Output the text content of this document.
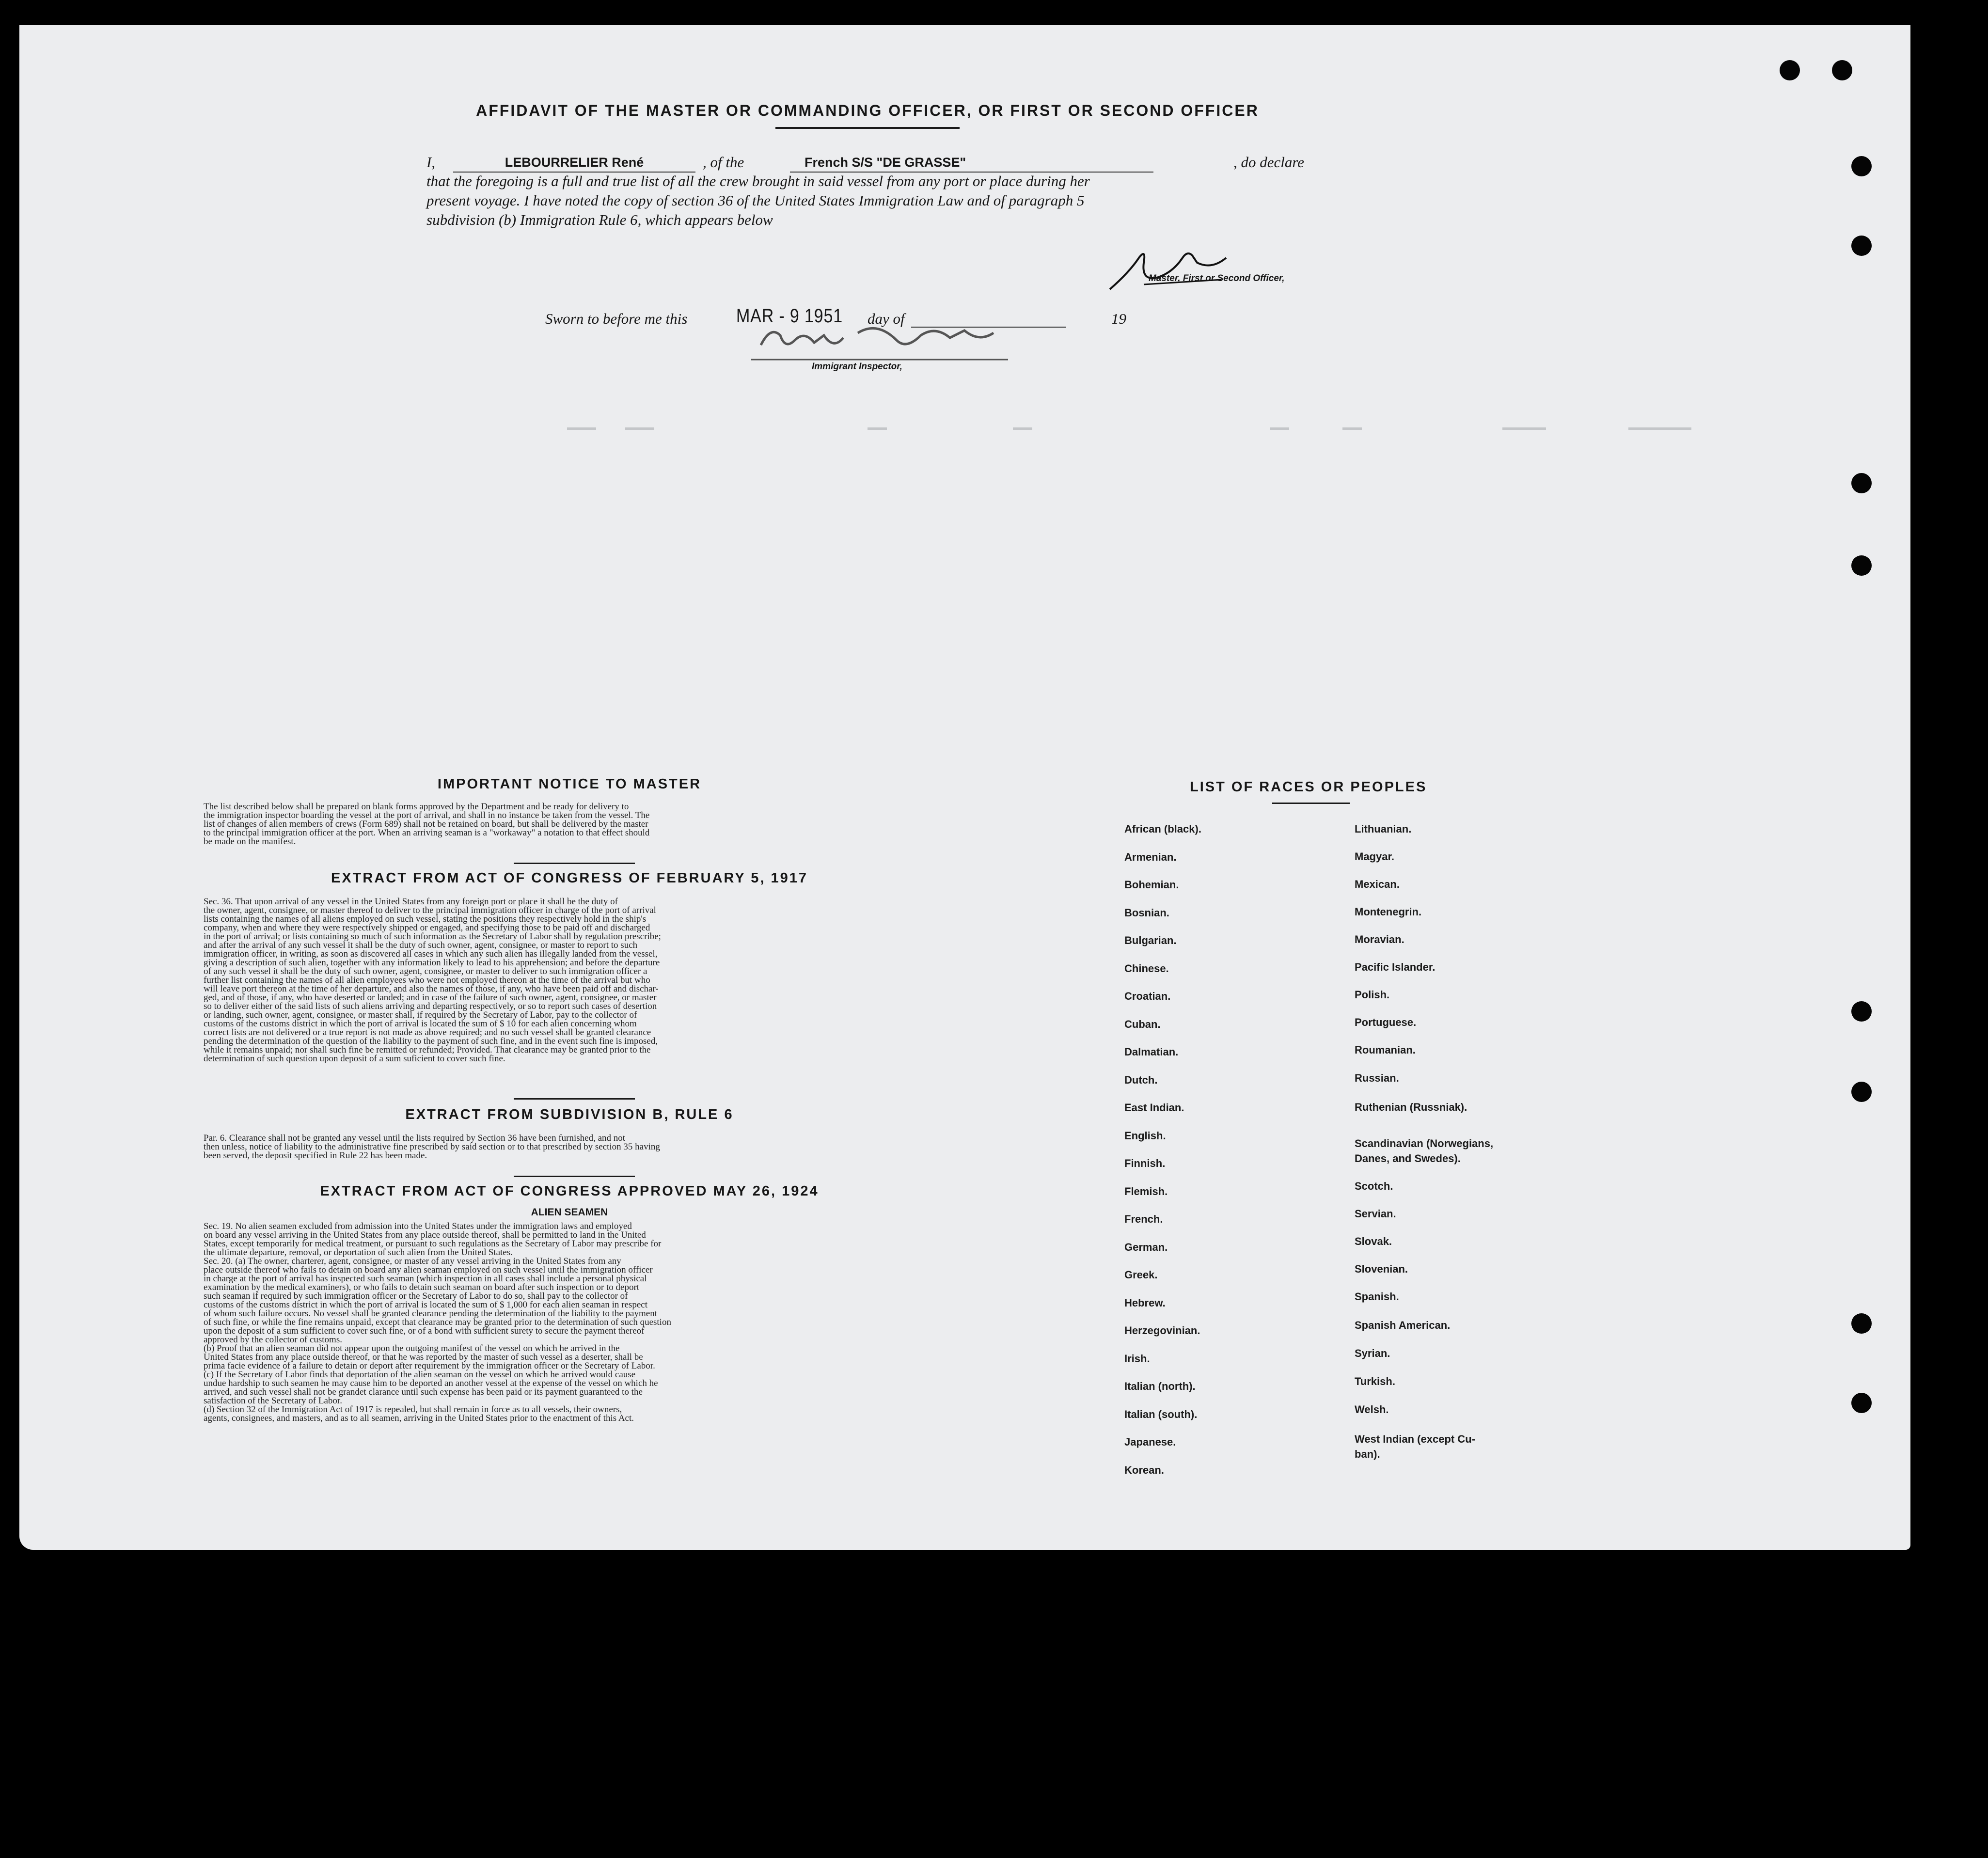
AFFIDAVIT OF THE MASTER OR COMMANDING OFFICER, OR FIRST OR SECOND OFFICER
I,	LEBOURRELIER René	, of the	French S/S "DE GRASSE"	, do declare
that the foregoing is a full and true list of all the crew brought in said vessel from any port or place during her
present voyage. I have noted the copy of section 36 of the United States Immigration Law and of paragraph 5
subdivision (b) Immigration Rule 6, which appears below
Master, First or Second Officer,
Sworn to before me this	MAR - 9 1951 day of	19
Immigrant Inspector,
IMPORTANT NOTICE TO MASTER
The list described below shall be prepared on blank forms approved by the Department and be ready for delivery to
the immigration inspector boarding the vessel at the port of arrival, and shall in no instance be taken from the vessel. The
list of changes of alien members of crews (Form 689) shall not be retained on board, but shall be delivered by the master
to the principal immigration officer at the port. When an arriving seaman is a "workaway" a notation to that effect should
be made on the manifest.
EXTRACT FROM ACT OF CONGRESS OF FEBRUARY 5, 1917
Sec. 36. That upon arrival of any vessel in the United States from any foreign port or place it shall be the duty of
the owner, agent, consignee, or master thereof to deliver to the principal immigration officer in charge of the port of arrival
lists containing the names of all aliens employed on such vessel, stating the positions they respectively hold in the ship's
company, when and where they were respectively shipped or engaged, and specifying those to be paid off and discharged
in the port of arrival; or lists containing so much of such information as the Secretary of Labor shall by regulation prescribe;
and after the arrival of any such vessel it shall be the duty of such owner, agent, consignee, or master to report to such
immigration officer, in writing, as soon as discovered all cases in which any such alien has illegally landed from the vessel,
giving a description of such alien, together with any information likely to lead to his apprehension; and before the departure
of any such vessel it shall be the duty of such owner, agent, consignee, or master to deliver to such immigration officer a
further list containing the names of all alien employees who were not employed thereon at the time of the arrival but who
will leave port thereon at the time of her departure, and also the names of those, if any, who have been paid off and dischar-
ged, and of those, if any, who have deserted or landed; and in case of the failure of such owner, agent, consignee, or master
so to deliver either of the said lists of such aliens arriving and departing respectively, or so to report such cases of desertion
or landing, such owner, agent, consignee, or master shall, if required by the Secretary of Labor, pay to the collector of
customs of the customs district in which the port of arrival is located the sum of $ 10 for each alien concerning whom
correct lists are not delivered or a true report is not made as above required; and no such vessel shall be granted clearance
pending the determination of the question of the liability to the payment of such fine, and in the event such fine is imposed,
while it remains unpaid; nor shall such fine be remitted or refunded; Provided. That clearance may be granted prior to the
determination of such question upon deposit of a sum suficient to cover such fine.
EXTRACT FROM SUBDIVISION B, RULE 6
Par. 6. Clearance shall not be granted any vessel until the lists required by Section 36 have been furnished, and not
then unless, notice of liability to the administrative fine prescribed by said section or to that prescribed by section 35 having
been served, the deposit specified in Rule 22 has been made.
EXTRACT FROM ACT OF CONGRESS APPROVED MAY 26, 1924
ALIEN SEAMEN
Sec. 19. No alien seamen excluded from admission into the United States under the immigration laws and employed
on board any vessel arriving in the United States from any place outside thereof, shall be permitted to land in the United
States, except temporarily for medical treatment, or pursuant to such regulations as the Secretary of Labor may prescribe for
the ultimate departure, removal, or deportation of such alien from the United States.
Sec. 20. (a) The owner, charterer, agent, consignee, or master of any vessel arriving in the United States from any
place outside thereof who fails to detain on board any alien seaman employed on such vessel until the immigration officer
in charge at the port of arrival has inspected such seaman (which inspection in all cases shall include a personal physical
examination by the medical examiners), or who fails to detain such seaman on board after such inspection or to deport
such seaman if required by such immigration officer or the Secretary of Labor to do so, shall pay to the collector of
customs of the customs district in which the port of arrival is located the sum of $ 1,000 for each alien seaman in respect
of whom such failure occurs. No vessel shall be granted clearance pending the determination of the liability to the payment
of such fine, or while the fine remains unpaid, except that clearance may be granted prior to the determination of such question
upon the deposit of a sum sufficient to cover such fine, or of a bond with sufficient surety to secure the payment thereof
approved by the collector of customs.
(b) Proof that an alien seaman did not appear upon the outgoing manifest of the vessel on which he arrived in the
United States from any place outside thereof, or that he was reported by the master of such vessel as a deserter, shall be
prima facie evidence of a failure to detain or deport after requirement by the immigration officer or the Secretary of Labor.
(c) If the Secretary of Labor finds that deportation of the alien seaman on the vessel on which he arrived would cause
undue hardship to such seamen he may cause him to be deported an another vessel at the expense of the vessel on which he
arrived, and such vessel shall not be grandet clarance until such expense has been paid or its payment guaranteed to the
satisfaction of the Secretary of Labor.
(d) Section 32 of the Immigration Act of 1917 is repealed, but shall remain in force as to all vessels, their owners,
agents, consignees, and masters, and as to all seamen, arriving in the United States prior to the enactment of this Act.
LIST OF RACES OR PEOPLES
African (black).
Armenian.
Bohemian.
Bosnian.
Bulgarian.
Chinese.
Croatian.
Cuban.
Dalmatian.
Dutch.
East Indian.
English.
Finnish.
Flemish.
French.
German.
Greek.
Hebrew.
Herzegovinian.
Irish.
Italian (north).
Italian (south).
Japanese.
Korean.
Lithuanian.
Magyar.
Mexican.
Montenegrin.
Moravian.
Pacific Islander.
Polish.
Portuguese.
Roumanian.
Russian.
Ruthenian (Russniak).
Scandinavian (Norwegians,
Danes, and Swedes).
Scotch.
Servian.
Slovak.
Slovenian.
Spanish.
Spanish American.
Syrian.
Turkish.
Welsh.
West Indian (except Cu-
ban).
